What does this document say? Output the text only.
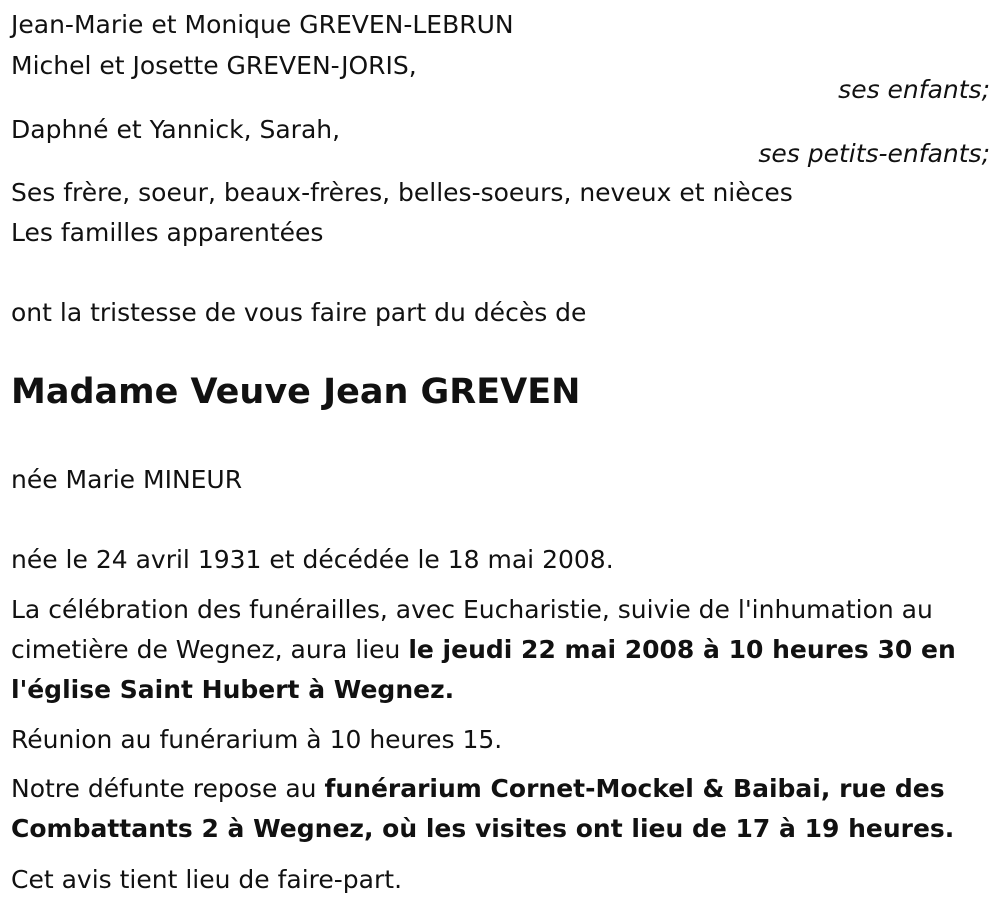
Jean-Marie et Monique GREVEN-LEBRUN
Michel et Josette GREVEN-JORIS,
ses enfants;
Daphné et Yannick, Sarah,
ses petits-enfants;
Ses frère, soeur, beaux-frères, belles-soeurs, neveux et nièces
Les familles apparentées
ont la tristesse de vous faire part du décès de
Madame Veuve Jean GREVEN
née Marie MINEUR
née le 24 avril 1931 et décédée le 18 mai 2008.
La célébration des funérailles, avec Eucharistie, suivie de l'inhumation au
cimetière de Wegnez, aura lieu le jeudi 22 mai 2008 à 10 heures 30 en
l'église Saint Hubert à Wegnez.
Réunion au funérarium à 10 heures 15.
Notre défunte repose au funérarium Cornet-Mockel & Baibai, rue des
Combattants 2 à Wegnez, où les visites ont lieu de 17 à 19 heures.
Cet avis tient lieu de faire-part.
